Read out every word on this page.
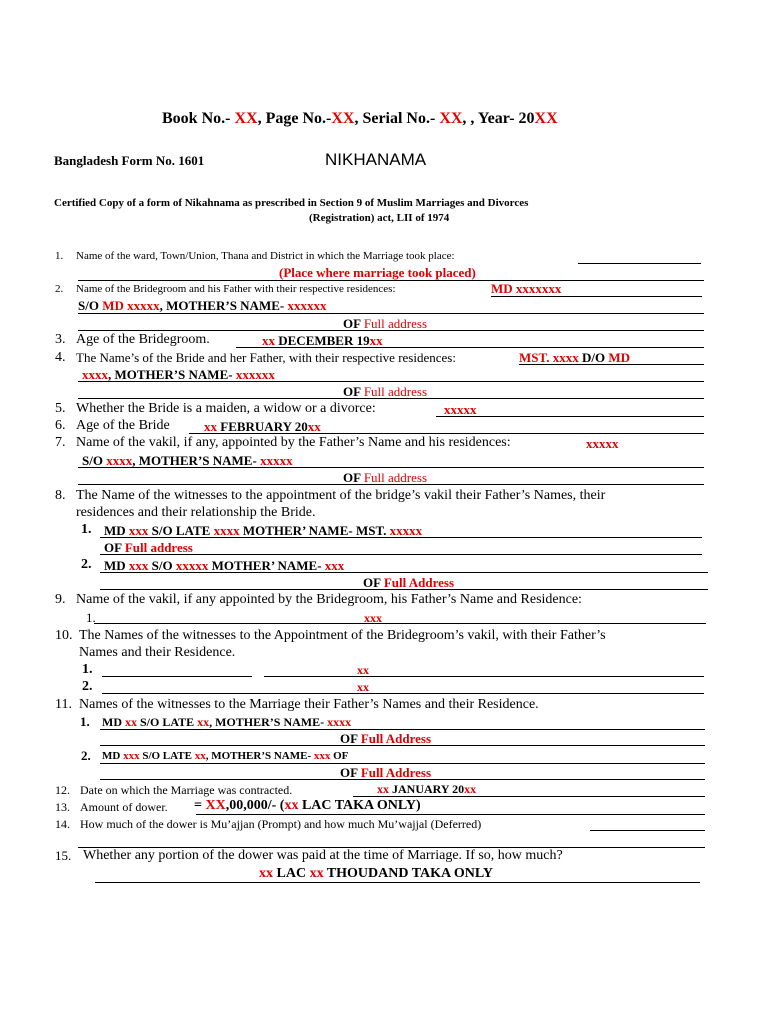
Book No.- XX, Page No.-XX, Serial No.- XX, , Year- 20XX
Bangladesh Form No. 1601	NIKHANAMA
Certified Copy of a form of Nikahnama as prescribed in Section 9 of Muslim Marriages and Divorces
(Registration) act, LII of 1974
1. Name of the ward, Town/Union, Thana and District in which the Marriage took place:
(Place where marriage took placed)
2. Name of the Bridegroom and his Father with their respective residences:	MD xxxxxxx
S/O MD xxxxx, MOTHER’S NAME- xxxxxx
OF Full address
3. Age of the Bridegroom.	xx DECEMBER 19xx
4. The Name’s of the Bride and her Father, with their respective residences:	MST. xxxx D/O MD
xxxx, MOTHER’S NAME- xxxxxx
OF Full address
5. Whether the Bride is a maiden, a widow or a divorce:	xxxxx
6. Age of the Bride	xx FEBRUARY 20xx
7. Name of the vakil, if any, appointed by the Father’s Name and his residences:	xxxxx
S/O xxxx, MOTHER’S NAME- xxxxx
OF Full address
8. The Name of the witnesses to the appointment of the bridge’s vakil their Father’s Names, their
residences and their relationship the Bride.
1. MD xxx S/O LATE xxxx MOTHER’ NAME- MST. xxxxx
OF Full address
2. MD xxx S/O xxxxx MOTHER’ NAME- xxx
OF Full Address
9. Name of the vakil, if any appointed by the Bridegroom, his Father’s Name and Residence:
1.	xxx
10. The Names of the witnesses to the Appointment of the Bridegroom’s vakil, with their Father’s
Names and their Residence.
1.	xx
2.	xx
11. Names of the witnesses to the Marriage their Father’s Names and their Residence.
1. MD xx S/O LATE xx, MOTHER’S NAME- xxxx
OF Full Address
2. MD xxx S/O LATE xx, MOTHER’S NAME- xxx OF
OF Full Address
12. Date on which the Marriage was contracted.	xx JANUARY 20xx
13. Amount of dower. = XX,00,000/- (xx LAC TAKA ONLY)
14. How much of the dower is Mu’ajjan (Prompt) and how much Mu’wajjal (Deferred)
15. Whether any portion of the dower was paid at the time of Marriage. If so, how much?
xx LAC xx THOUDAND TAKA ONLY
